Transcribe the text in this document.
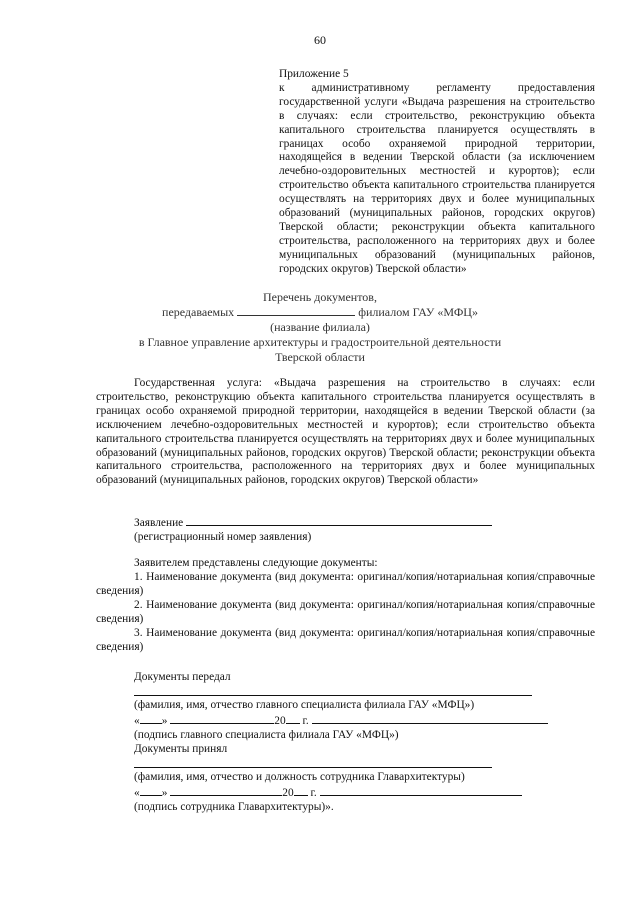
60
Приложение 5
к административному регламенту предоставления государственной услуги «Выдача разрешения на строительство в случаях: если строительство, реконструкцию объекта капитального строительства планируется осуществлять в границах особо охраняемой природной территории, находящейся в ведении Тверской области (за исключением лечебно-оздоровительных местностей и курортов); если строительство объекта капитального строительства планируется осуществлять на территориях двух и более муниципальных образований (муниципальных районов, городских округов) Тверской области; реконструкции объекта капитального строительства, расположенного на территориях двух и более муниципальных образований (муниципальных районов, городских округов) Тверской области»
Перечень документов,
передаваемых	филиалом ГАУ «МФЦ»
(название филиала)
в Главное управление архитектуры и градостроительной деятельности
Тверской области
Государственная услуга: «Выдача разрешения на строительство в случаях: если строительство, реконструкцию объекта капитального строительства планируется осуществлять в границах особо охраняемой природной территории, находящейся в ведении Тверской области (за исключением лечебно-оздоровительных местностей и курортов); если строительство объекта капитального строительства планируется осуществлять на территориях двух и более муниципальных образований (муниципальных районов, городских округов) Тверской области; реконструкции объекта капитального строительства, расположенного на территориях двух и более муниципальных образований (муниципальных районов, городских округов) Тверской области»
Заявление
(регистрационный номер заявления)
Заявителем представлены следующие документы:
1. Наименование документа (вид документа: оригинал/копия/нотариальная копия/справочные сведения)
2. Наименование документа (вид документа: оригинал/копия/нотариальная копия/справочные сведения)
3. Наименование документа (вид документа: оригинал/копия/нотариальная копия/справочные сведения)
Документы передал
(фамилия, имя, отчество главного специалиста филиала ГАУ «МФЦ»)
« »	20 г.
(подпись главного специалиста филиала ГАУ «МФЦ»)
Документы принял
(фамилия, имя, отчество и должность сотрудника Главархитектуры)
« »	20 г.
(подпись сотрудника Главархитектуры)».
